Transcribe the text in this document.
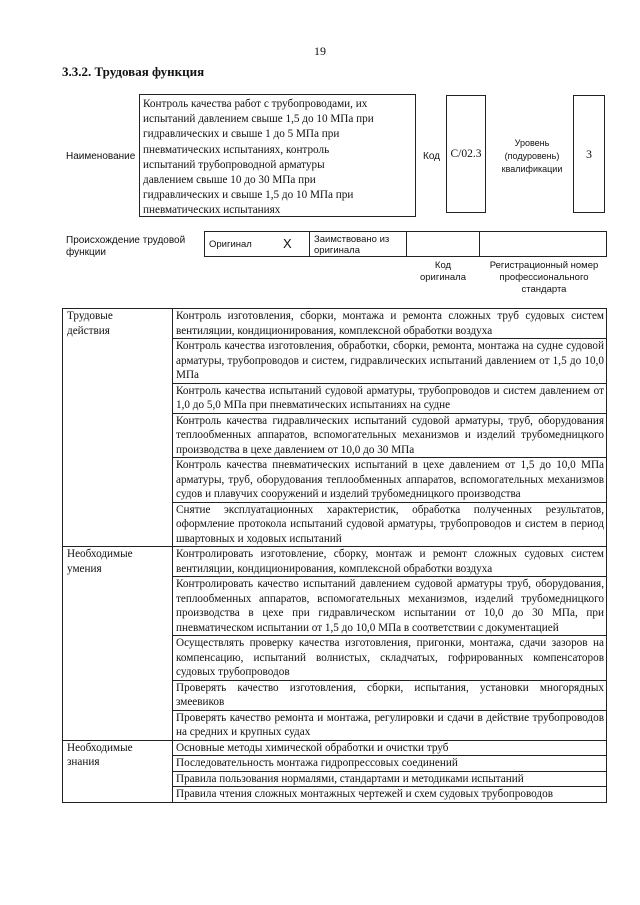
19
3.3.2. Трудовая функция
Наименование
Контроль качества работ с трубопроводами, их
испытаний давлением свыше 1,5 до 10 МПа при
гидравлических и свыше 1 до 5 МПа при
пневматических испытаниях, контроль
испытаний трубопроводной арматуры
давлением свыше 10 до 30 МПа при
гидравлических и свыше 1,5 до 10 МПа при
пневматических испытаниях
Код С/02.3
Уровень
(подуровень)
квалификации
3
Происхождение трудовой
функции
Оригинал X Заимствовано из
оригинала
Код
оригинала
Регистрационный номер
профессионального
стандарта
Трудовые
действия	Контроль изготовления, сборки, монтажа и ремонта сложных труб судовых систем вентиляции, кондиционирования, комплексной обработки воздуха
	Контроль качества изготовления, обработки, сборки, ремонта, монтажа на судне судовой арматуры, трубопроводов и систем, гидравлических испытаний давлением от 1,5 до 10,0 МПа
	Контроль качества испытаний судовой арматуры, трубопроводов и систем давлением от 1,0 до 5,0 МПа при пневматических испытаниях на судне
	Контроль качества гидравлических испытаний судовой арматуры, труб, оборудования теплообменных аппаратов, вспомогательных механизмов и изделий трубомедницкого производства в цехе давлением от 10,0 до 30 МПа
	Контроль качества пневматических испытаний в цехе давлением от 1,5 до 10,0 МПа арматуры, труб, оборудования теплообменных аппаратов, вспомогательных механизмов судов и плавучих сооружений и изделий трубомедницкого производства
	Снятие эксплуатационных характеристик, обработка полученных результатов, оформление протокола испытаний судовой арматуры, трубопроводов и систем в период швартовных и ходовых испытаний

Необходимые
умения	Контролировать изготовление, сборку, монтаж и ремонт сложных судовых систем вентиляции, кондиционирования, комплексной обработки воздуха
	Контролировать качество испытаний давлением судовой арматуры труб, оборудования, теплообменных аппаратов, вспомогательных механизмов, изделий трубомедницкого производства в цехе при гидравлическом испытании от 10,0 до 30 МПа, при пневматическом испытании от 1,5 до 10,0 МПа в соответствии с документацией
	Осуществлять проверку качества изготовления, пригонки, монтажа, сдачи зазоров на компенсацию, испытаний волнистых, складчатых, гофрированных компенсаторов судовых трубопроводов
	Проверять качество изготовления, сборки, испытания, установки многорядных змеевиков
	Проверять качество ремонта и монтажа, регулировки и сдачи в действие трубопроводов на средних и крупных судах

Необходимые
знания	Основные методы химической обработки и очистки труб
	Последовательность монтажа гидропрессовых соединений
	Правила пользования нормалями, стандартами и методиками испытаний
	Правила чтения сложных монтажных чертежей и схем судовых трубопроводов
